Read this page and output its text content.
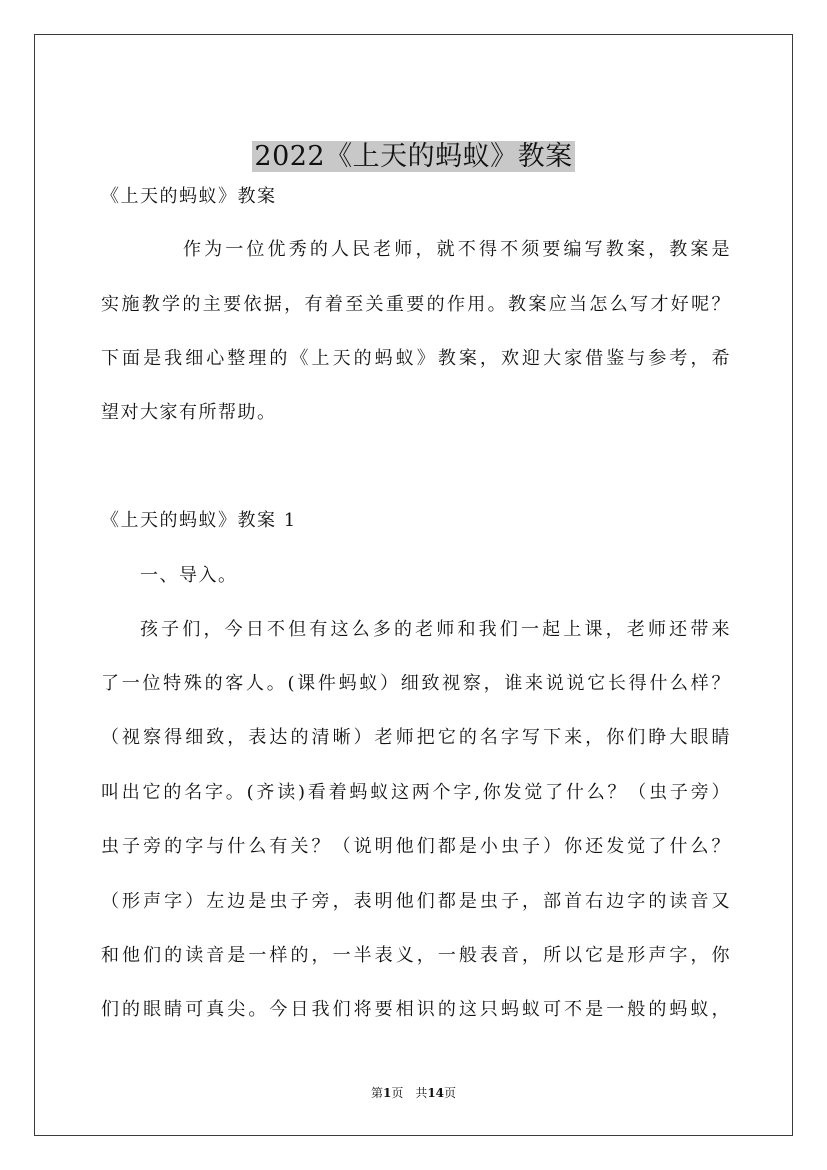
2022《上天的蚂蚁》教案
《上天的蚂蚁》教案
作为一位优秀的人民老师，就不得不须要编写教案，教案是
实施教学的主要依据，有着至关重要的作用。教案应当怎么写才好呢？
下面是我细心整理的《上天的蚂蚁》教案，欢迎大家借鉴与参考，希
望对大家有所帮助。
《上天的蚂蚁》教案 1
一、导入。
孩子们，今日不但有这么多的老师和我们一起上课，老师还带来
了一位特殊的客人。(课件蚂蚁）细致视察，谁来说说它长得什么样？
（视察得细致，表达的清晰）老师把它的名字写下来，你们睁大眼睛
叫出它的名字。(齐读)看着蚂蚁这两个字,你发觉了什么？（虫子旁）
虫子旁的字与什么有关？（说明他们都是小虫子）你还发觉了什么？
（形声字）左边是虫子旁，表明他们都是虫子，部首右边字的读音又
和他们的读音是一样的，一半表义，一般表音，所以它是形声字，你
们的眼睛可真尖。今日我们将要相识的这只蚂蚁可不是一般的蚂蚁，
第1页　共14页
